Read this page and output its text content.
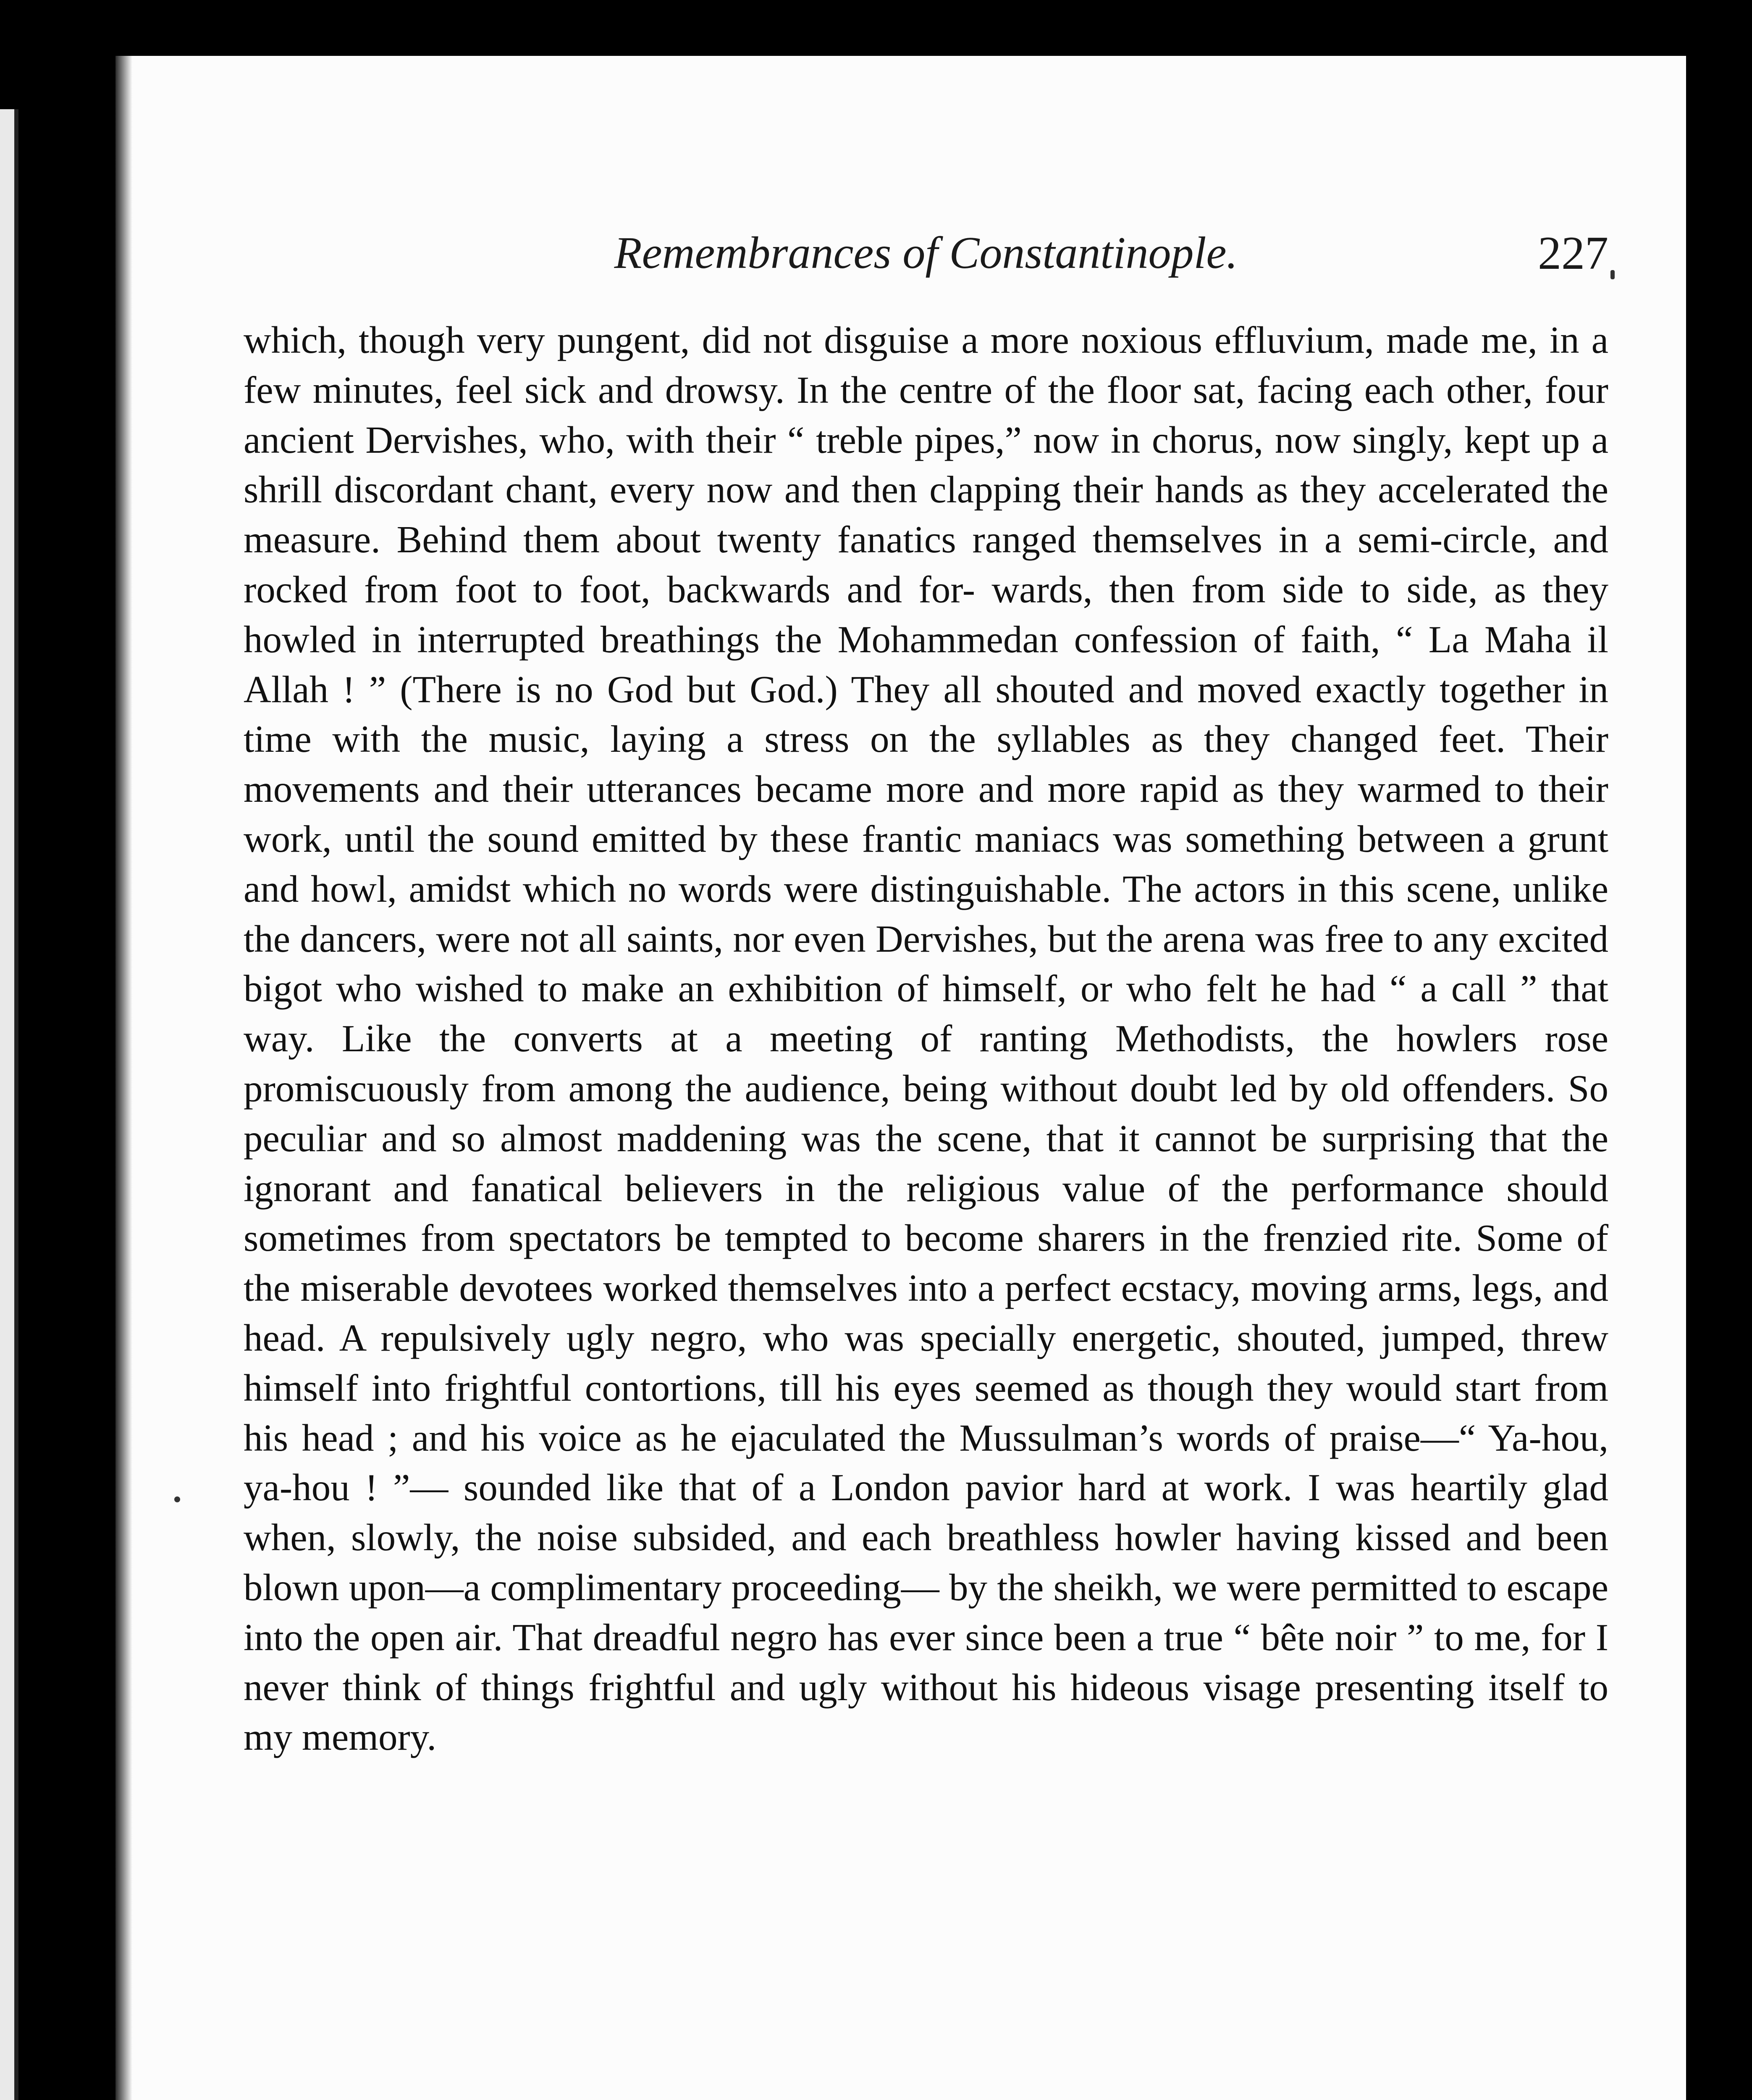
Remembrances of Constantinople.	227

which, though very pungent, did not disguise a more noxious effluvium, made me, in a few minutes, feel sick and drowsy. In the centre of the floor sat, facing each other, four ancient Dervishes, who, with their “ treble pipes,” now in chorus, now singly, kept up a shrill discordant chant, every now and then clapping their hands as they accelerated the measure. Behind them about twenty fanatics ranged themselves in a semi-circle, and rocked from foot to foot, backwards and for- wards, then from side to side, as they howled in interrupted breathings the Mohammedan confession of faith, “ La Maha il Allah ! ” (There is no God but God.) They all shouted and moved exactly together in time with the music, laying a stress on the syllables as they changed feet. Their movements and their utterances became more and more rapid as they warmed to their work, until the sound emitted by these frantic maniacs was something between a grunt and howl, amidst which no words were distinguishable. The actors in this scene, unlike the dancers, were not all saints, nor even Dervishes, but the arena was free to any excited bigot who wished to make an exhibition of himself, or who felt he had “ a call ” that way. Like the converts at a meeting of ranting Methodists, the howlers rose promiscuously from among the audience, being without doubt led by old offenders. So peculiar and so almost maddening was the scene, that it cannot be surprising that the ignorant and fanatical believers in the religious value of the performance should sometimes from spectators be tempted to become sharers in the frenzied rite. Some of the miserable devotees worked themselves into a perfect ecstacy, moving arms, legs, and head. A repulsively ugly negro, who was specially energetic, shouted, jumped, threw himself into frightful contortions, till his eyes seemed as though they would start from his head ; and his voice as he ejaculated the Mussulman’s words of praise—“ Ya-hou, ya-hou ! ”— sounded like that of a London pavior hard at work. I was heartily glad when, slowly, the noise subsided, and each breathless howler having kissed and been blown upon—a complimentary proceeding— by the sheikh, we were permitted to escape into the open air. That dreadful negro has ever since been a true “ bête noir ” to me, for I never think of things frightful and ugly without his hideous visage presenting itself to my memory.
